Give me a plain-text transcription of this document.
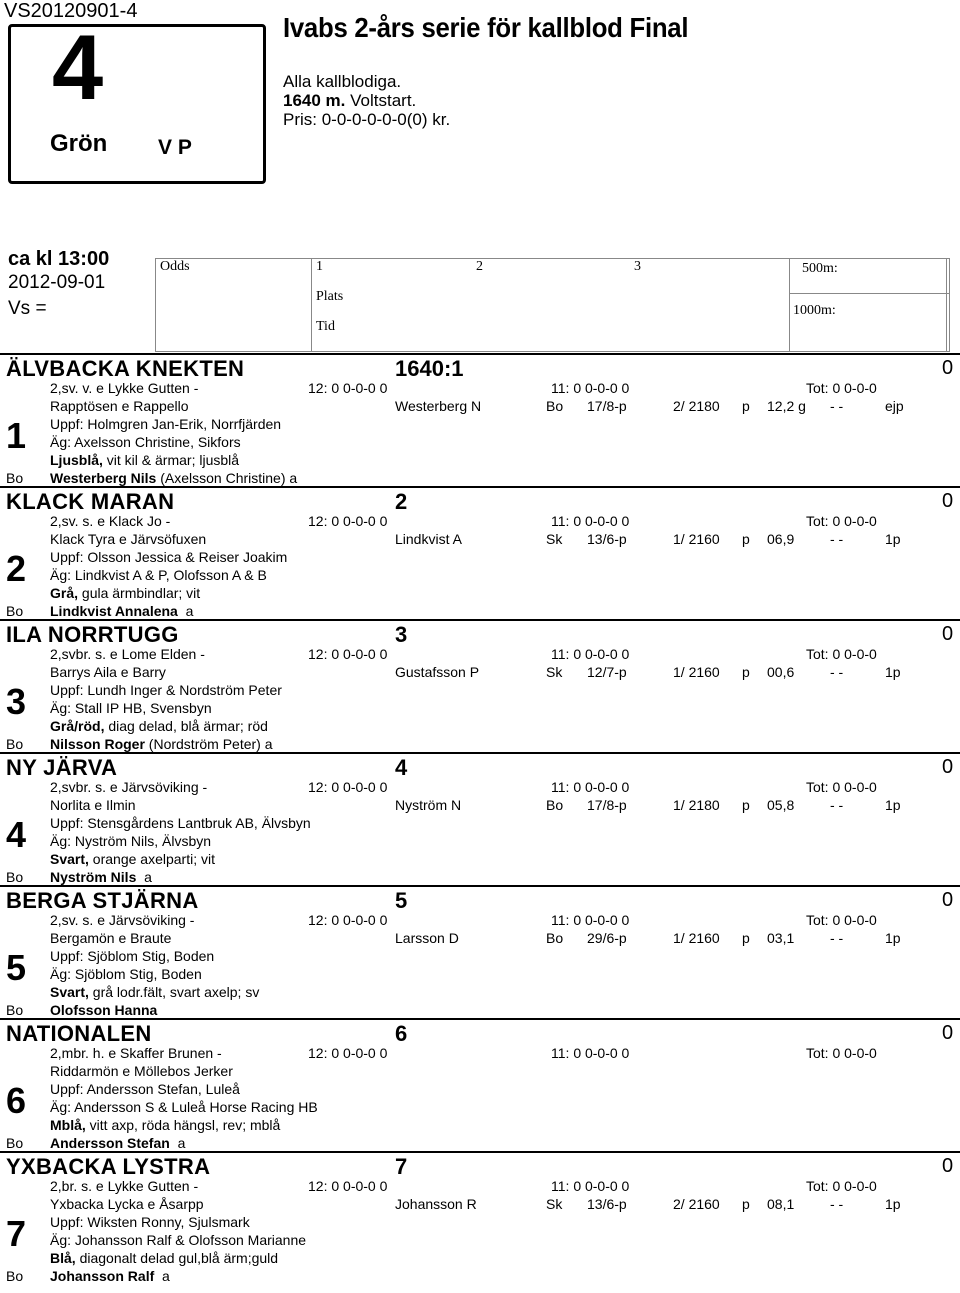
VS20120901-4
4
Grön V P
Ivabs 2-års serie för kallblod Final
Alla kallblodiga.
1640 m. Voltstart.
Pris: 0-0-0-0-0-0(0) kr.
ca kl 13:00
2012-09-01
Vs =
Odds	1	2	3	500m:
Plats
1000m:
Tid
ÄLVBACKA KNEKTEN	1640:1	0
2,sv. v. e Lykke Gutten -	12: 0 0-0-0 0	11: 0 0-0-0 0	Tot: 0 0-0-0
Rapptösen e Rappello	Westerberg N	Bo 17/8-p	2/ 2180 p 12,2 g - -	ejp
1 Uppf: Holmgren Jan-Erik, Norrfjärden
Äg: Axelsson Christine, Sikfors
Ljusblå, vit kil & ärmar; ljusblå
Bo Westerberg Nils (Axelsson Christine) a
KLACK MARAN	2	0
2,sv. s. e Klack Jo -	12: 0 0-0-0 0	11: 0 0-0-0 0	Tot: 0 0-0-0
Klack Tyra e Järvsöfuxen	Lindkvist A	Sk 13/6-p	1/ 2160 p 06,9	- -	1p
2 Uppf: Olsson Jessica & Reiser Joakim
Äg: Lindkvist A & P, Olofsson A & B
Grå, gula ärmbindlar; vit
Bo Lindkvist Annalena  a
ILA NORRTUGG	3	0
2,svbr. s. e Lome Elden -	12: 0 0-0-0 0	11: 0 0-0-0 0	Tot: 0 0-0-0
Barrys Aila e Barry	Gustafsson P	Sk 12/7-p	1/ 2160 p 00,6	- -	1p
3 Uppf: Lundh Inger & Nordström Peter
Äg: Stall IP HB, Svensbyn
Grå/röd, diag delad, blå ärmar; röd
Bo Nilsson Roger (Nordström Peter) a
NY JÄRVA	4	0
2,svbr. s. e Järvsöviking -	12: 0 0-0-0 0	11: 0 0-0-0 0	Tot: 0 0-0-0
Norlita e Ilmin	Nyström N	Bo 17/8-p	1/ 2180 p 05,8	- -	1p
4 Uppf: Stensgårdens Lantbruk AB, Älvsbyn
Äg: Nyström Nils, Älvsbyn
Svart, orange axelparti; vit
Bo Nyström Nils  a
BERGA STJÄRNA	5	0
2,sv. s. e Järvsöviking -	12: 0 0-0-0 0	11: 0 0-0-0 0	Tot: 0 0-0-0
Bergamön e Braute	Larsson D	Bo 29/6-p	1/ 2160 p 03,1	- -	1p
5 Uppf: Sjöblom Stig, Boden
Äg: Sjöblom Stig, Boden
Svart, grå lodr.fält, svart axelp; sv
Bo Olofsson Hanna
NATIONALEN	6	0
2,mbr. h. e Skaffer Brunen -	12: 0 0-0-0 0	11: 0 0-0-0 0	Tot: 0 0-0-0
Riddarmön e Möllebos Jerker
6 Uppf: Andersson Stefan, Luleå
Äg: Andersson S & Luleå Horse Racing HB
Mblå, vitt axp, röda hängsl, rev; mblå
Bo Andersson Stefan  a
YXBACKA LYSTRA	7	0
2,br. s. e Lykke Gutten -	12: 0 0-0-0 0	11: 0 0-0-0 0	Tot: 0 0-0-0
Yxbacka Lycka e Åsarpp	Johansson R	Sk 13/6-p	2/ 2160 p 08,1	- -	1p
7 Uppf: Wiksten Ronny, Sjulsmark
Äg: Johansson Ralf & Olofsson Marianne
Blå, diagonalt delad gul,blå ärm;guld
Bo Johansson Ralf  a
